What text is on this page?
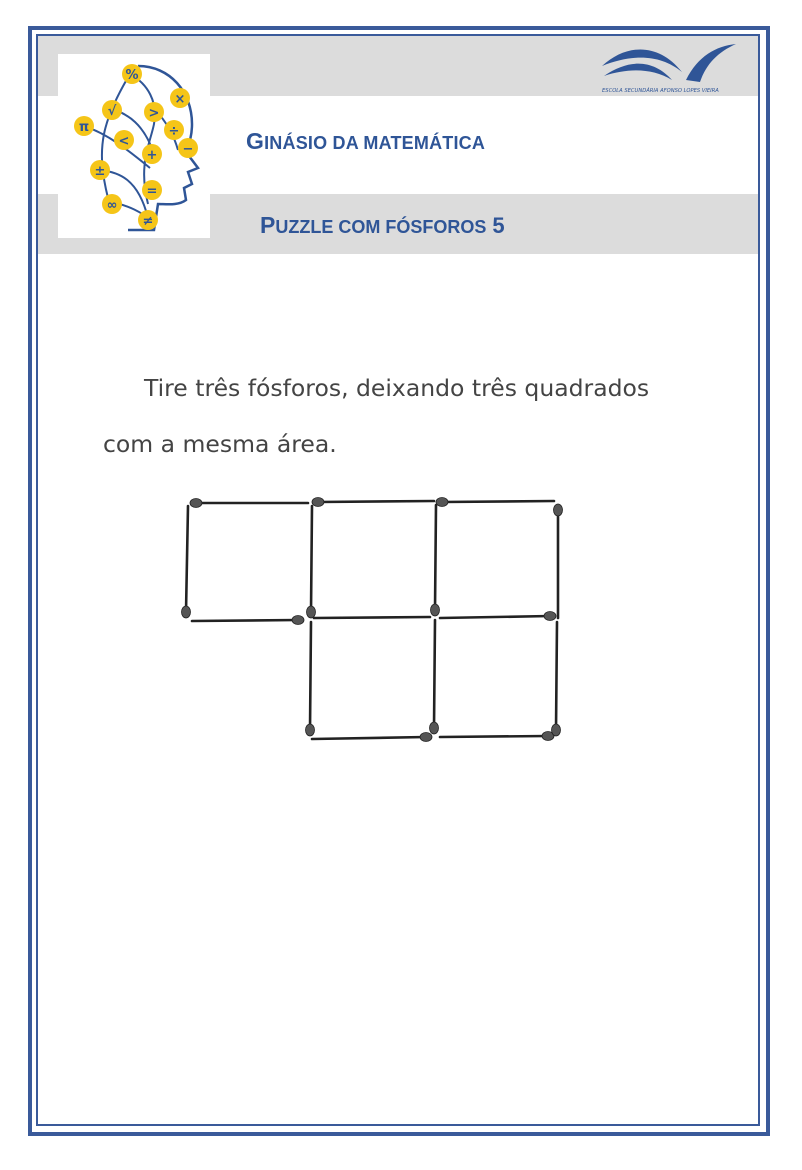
%
×
√ >
÷
π
<
+ −
±
=
∞
≠
ESCOLA SECUNDÁRIA AFONSO LOPES VIEIRA
GINÁSIO DA MATEMÁTICA
PUZZLE COM FÓSFOROS 5
Tire três fósforos, deixando três quadrados
com a mesma área.
